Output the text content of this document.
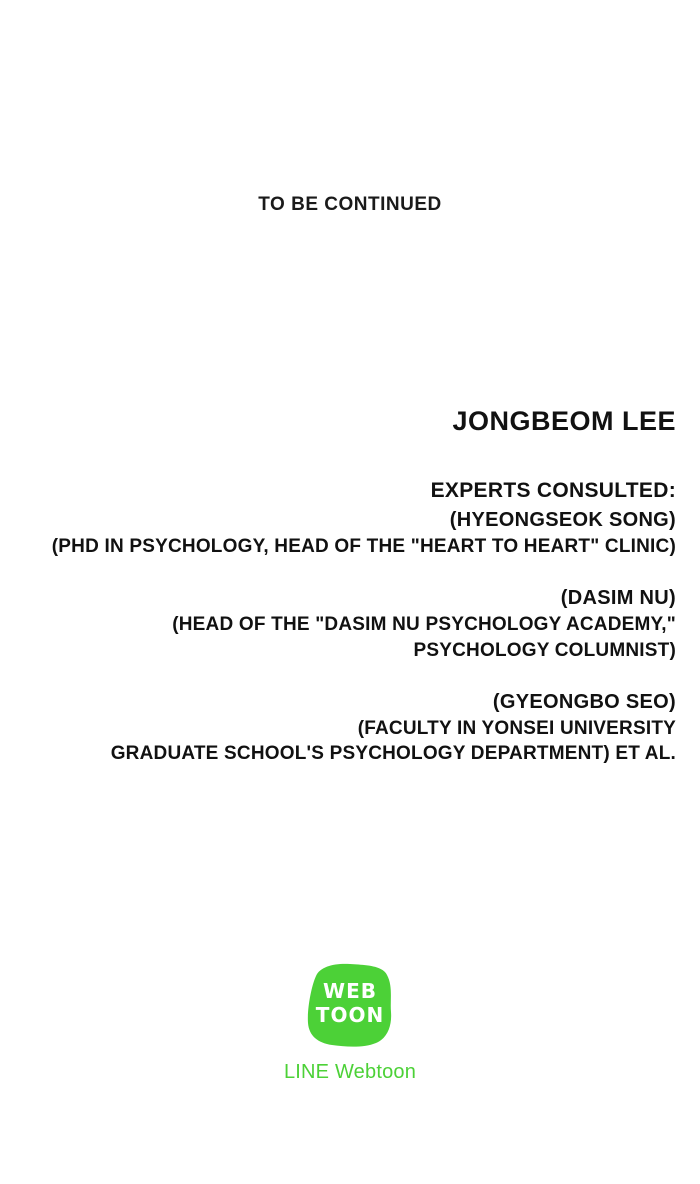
TO BE CONTINUED
JONGBEOM LEE
EXPERTS CONSULTED:
(HYEONGSEOK SONG)
(PHD IN PSYCHOLOGY, HEAD OF THE "HEART TO HEART" CLINIC)
(DASIM NU)
(HEAD OF THE "DASIM NU PSYCHOLOGY ACADEMY,"
PSYCHOLOGY COLUMNIST)
(GYEONGBO SEO)
(FACULTY IN YONSEI UNIVERSITY
GRADUATE SCHOOL'S PSYCHOLOGY DEPARTMENT) ET AL.
WEB
TOON
LINE Webtoon
